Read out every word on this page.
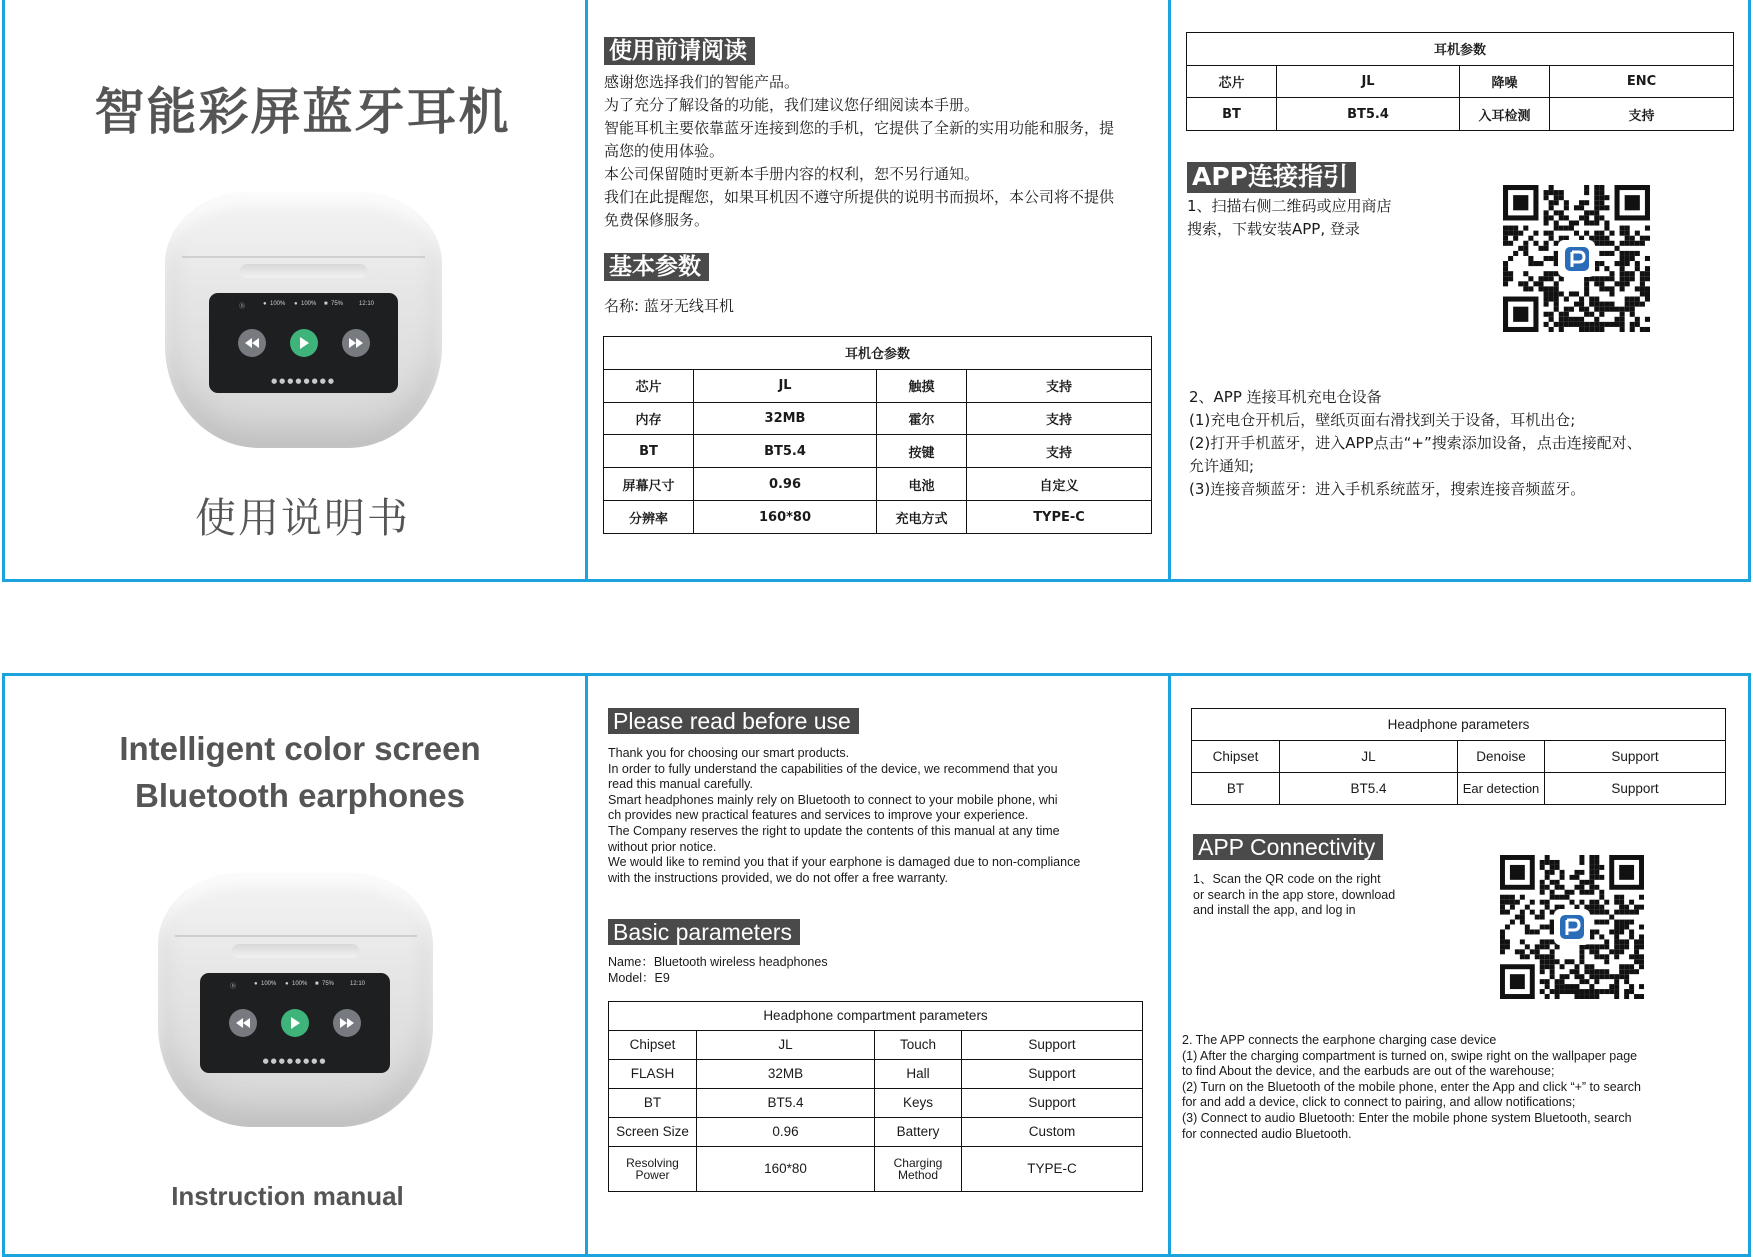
智能彩屏蓝牙耳机
Ⓑ	● 100% ● 100% ■ 75%	12:10
●●●●●●●●
使用说明书
使用前请阅读

感谢您选择我们的智能产品。

为了充分了解设备的功能，我们建议您仔细阅读本手册。

智能耳机主要依靠蓝牙连接到您的手机，它提供了全新的实用功能和服务，提

高您的使用体验。

本公司保留随时更新本手册内容的权利，恕不另行通知。

我们在此提醒您，如果耳机因不遵守所提供的说明书而损坏，本公司将不提供

免费保修服务。

基本参数
名称: 蓝牙无线耳机
耳机仓参数			
芯片	JL	触摸	支持
内存	32MB	霍尔	支持
BT	BT5.4	按键	支持
屏幕尺寸	0.96	电池	自定义
分辨率	160*80	充电方式	TYPE-C
耳机参数			
芯片	JL	降噪	ENC
BT	BT5.4	入耳检测	支持
APP连接指引

1、扫描右侧二维码或应用商店

搜索，下载安装APP, 登录

2、APP 连接耳机充电仓设备

(1)充电仓开机后，壁纸页面右滑找到关于设备，耳机出仓;

(2)打开手机蓝牙，进入APP点击“+”搜索添加设备，点击连接配对、

允许通知;

(3)连接音频蓝牙：进入手机系统蓝牙，搜索连接音频蓝牙。

Intelligent color screen
Bluetooth earphones
Ⓑ	● 100% ● 100% ■ 75%	12:10
●●●●●●●●
Instruction manual
Please read before use

Thank you for choosing our smart products.

In order to fully understand the capabilities of the device, we recommend that you

read this manual carefully.

Smart headphones mainly rely on Bluetooth to connect to your mobile phone, whi

ch provides new practical features and services to improve your experience.

The Company reserves the right to update the contents of this manual at any time

without prior notice.

We would like to remind you that if your earphone is damaged due to non-compliance

with the instructions provided, we do not offer a free warranty.

Basic parameters

Name：Bluetooth wireless headphones

Model：E9

Headphone compartment parameters			
Chipset	JL	Touch	Support
FLASH	32MB	Hall	Support
BT	BT5.4	Keys	Support
Screen Size	0.96	Battery	Custom
Resolving Power	160*80	Charging Method	TYPE-C
Headphone parameters			
Chipset	JL	Denoise	Support
BT	BT5.4	Ear detection	Support
APP Connectivity

1、Scan the QR code on the right

or search in the app store, download

and install the app, and log in

2. The APP connects the earphone charging case device

(1) After the charging compartment is turned on, swipe right on the wallpaper page

to find About the device, and the earbuds are out of the warehouse;

(2) Turn on the Bluetooth of the mobile phone, enter the App and click “+” to search

for and add a device, click to connect to pairing, and allow notifications;

(3) Connect to audio Bluetooth: Enter the mobile phone system Bluetooth, search

for connected audio Bluetooth.
